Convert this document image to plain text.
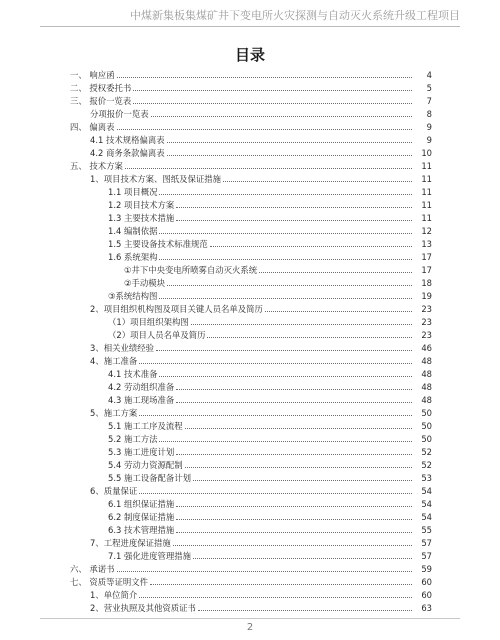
中煤新集板集煤矿井下变电所火灾探测与自动灭火系统升级工程项目
目录
一、 响应函	4
二、 授权委托书	5
三、 报价一览表	7
分项报价一览表	8
四、 偏离表	9
4.1 技术规格偏离表	9
4.2 商务条款偏离表	10
五、 技术方案	11
1、项目技术方案、图纸及保证措施	11
1.1 项目概况	11
1.2 项目技术方案	11
1.3 主要技术措施	11
1.4 编制依据	12
1.5 主要设备技术标准规范	13
1.6 系统架构	17
①井下中央变电所喷雾自动灭火系统	17
②手动模块	18
③系统结构图	19
2、项目组织机构图及项目关键人员名单及简历	23
（1）项目组织架构图	23
（2）项目人员名单及简历	23
3、相关业绩经验	46
4、施工准备	48
4.1 技术准备	48
4.2 劳动组织准备	48
4.3 施工现场准备	48
5、施工方案	50
5.1 施工工序及流程	50
5.2 施工方法	50
5.3 施工进度计划	52
5.4 劳动力资源配制	52
5.5 施工设备配备计划	53
6、质量保证	54
6.1 组织保证措施	54
6.2 制度保证措施	54
6.3 技术管理措施	55
7、工程进度保证措施	57
7.1 强化进度管理措施	57
六、 承诺书	59
七、 资质等证明文件	60
1、单位简介	60
2、营业执照及其他资质证书	63
2
